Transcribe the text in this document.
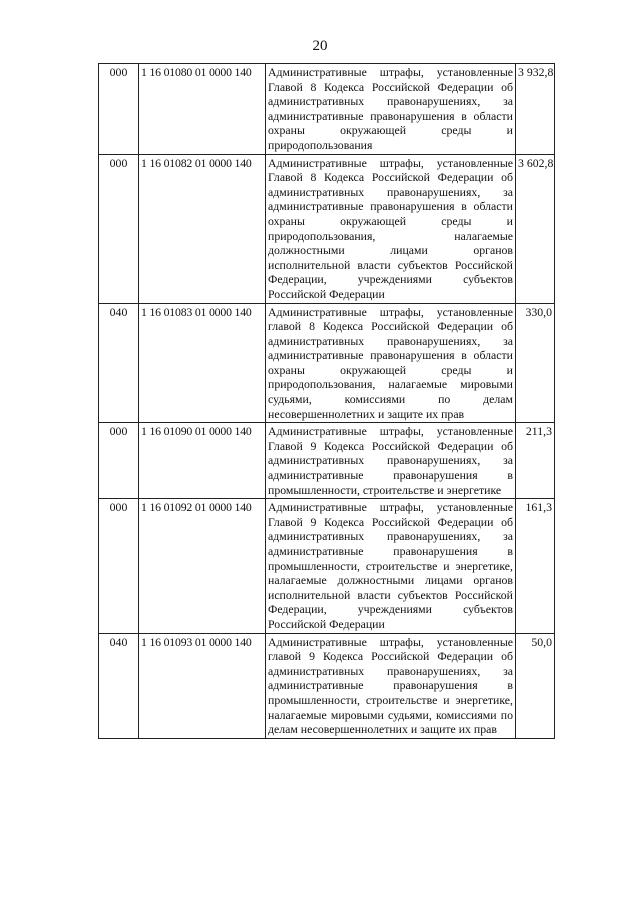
20
000	1 16 01080 01 0000 140	Административные штрафы, установленные Главой 8 Кодекса Российской Федерации об административных правонарушениях, за административные правонарушения в области охраны окружающей среды и природопользования	3 932,8
000	1 16 01082 01 0000 140	Административные штрафы, установленные Главой 8 Кодекса Российской Федерации об административных правонарушениях, за административные правонарушения в области охраны окружающей среды и природопользования, налагаемые должностными лицами органов исполнительной власти субъектов Российской Федерации, учреждениями субъектов Российской Федерации	3 602,8
040	1 16 01083 01 0000 140	Административные штрафы, установленные главой 8 Кодекса Российской Федерации об административных правонарушениях, за административные правонарушения в области охраны окружающей среды и природопользования, налагаемые мировыми судьями, комиссиями по делам несовершеннолетних и защите их прав	330,0
000	1 16 01090 01 0000 140	Административные штрафы, установленные Главой 9 Кодекса Российской Федерации об административных правонарушениях, за административные правонарушения в промышленности, строительстве и энергетике	211,3
000	1 16 01092 01 0000 140	Административные штрафы, установленные Главой 9 Кодекса Российской Федерации об административных правонарушениях, за административные правонарушения в промышленности, строительстве и энергетике, налагаемые должностными лицами органов исполнительной власти субъектов Российской Федерации, учреждениями субъектов Российской Федерации	161,3
040	1 16 01093 01 0000 140	Административные штрафы, установленные главой 9 Кодекса Российской Федерации об административных правонарушениях, за административные правонарушения в промышленности, строительстве и энергетике, налагаемые мировыми судьями, комиссиями по делам несовершеннолетних и защите их прав	50,0
